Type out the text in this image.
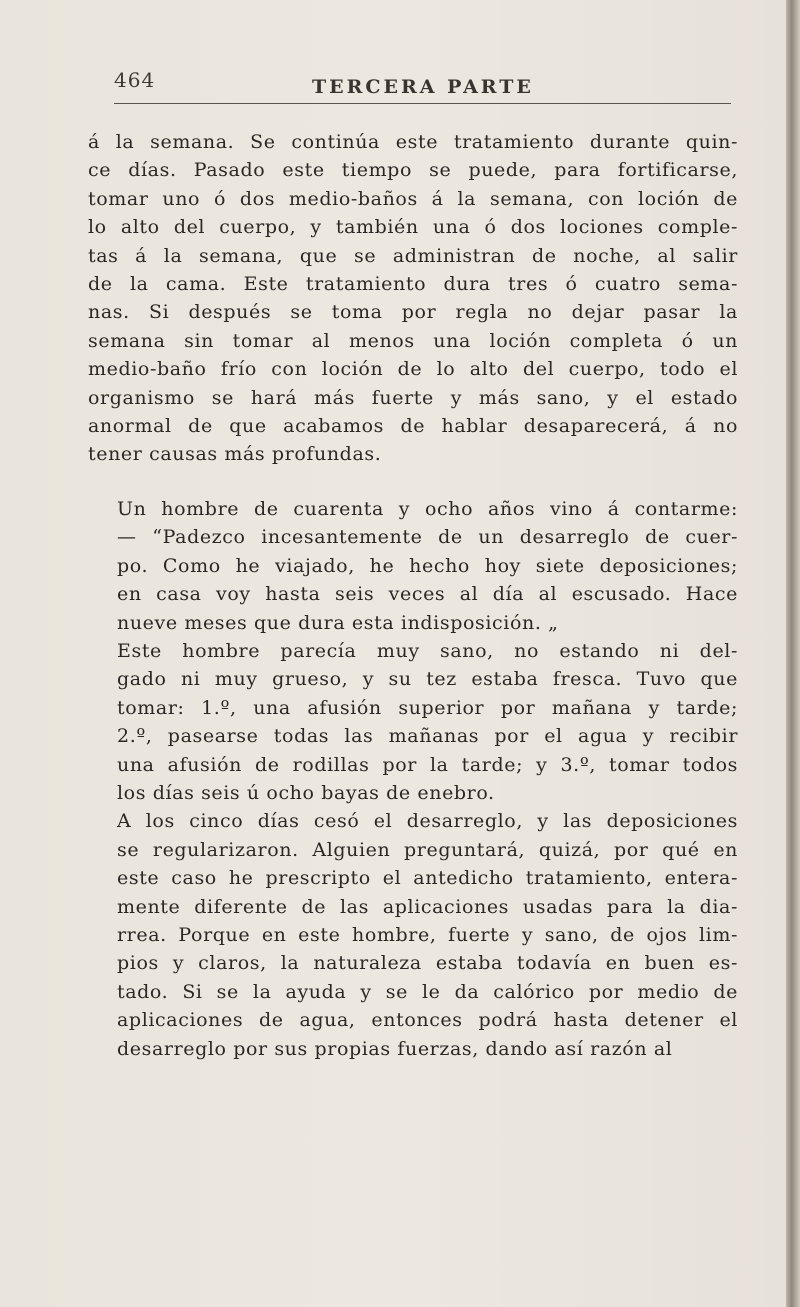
464	TERCERA PARTE

á la semana. Se continúa este tratamiento durante quin-
ce días. Pasado este tiempo se puede, para fortificarse,
tomar uno ó dos medio-baños á la semana, con loción de
lo alto del cuerpo, y también una ó dos lociones comple-
tas á la semana, que se administran de noche, al salir
de la cama. Este tratamiento dura tres ó cuatro sema-
nas. Si después se toma por regla no dejar pasar la
semana sin tomar al menos una loción completa ó un
medio-baño frío con loción de lo alto del cuerpo, todo el
organismo se hará más fuerte y más sano, y el estado
anormal de que acabamos de hablar desaparecerá, á no
tener causas más profundas.

Un hombre de cuarenta y ocho años vino á contarme:
— “Padezco incesantemente de un desarreglo de cuer-
po. Como he viajado, he hecho hoy siete deposiciones;
en casa voy hasta seis veces al día al escusado. Hace
nueve meses que dura esta indisposición. „

Este hombre parecía muy sano, no estando ni del-
gado ni muy grueso, y su tez estaba fresca. Tuvo que
tomar: 1.º, una afusión superior por mañana y tarde;
2.º, pasearse todas las mañanas por el agua y recibir
una afusión de rodillas por la tarde; y 3.º, tomar todos
los días seis ú ocho bayas de enebro.

A los cinco días cesó el desarreglo, y las deposiciones
se regularizaron. Alguien preguntará, quizá, por qué en
este caso he prescripto el antedicho tratamiento, entera-
mente diferente de las aplicaciones usadas para la dia-
rrea. Porque en este hombre, fuerte y sano, de ojos lim-
pios y claros, la naturaleza estaba todavía en buen es-
tado. Si se la ayuda y se le da calórico por medio de
aplicaciones de agua, entonces podrá hasta detener el
desarreglo por sus propias fuerzas, dando así razón al
